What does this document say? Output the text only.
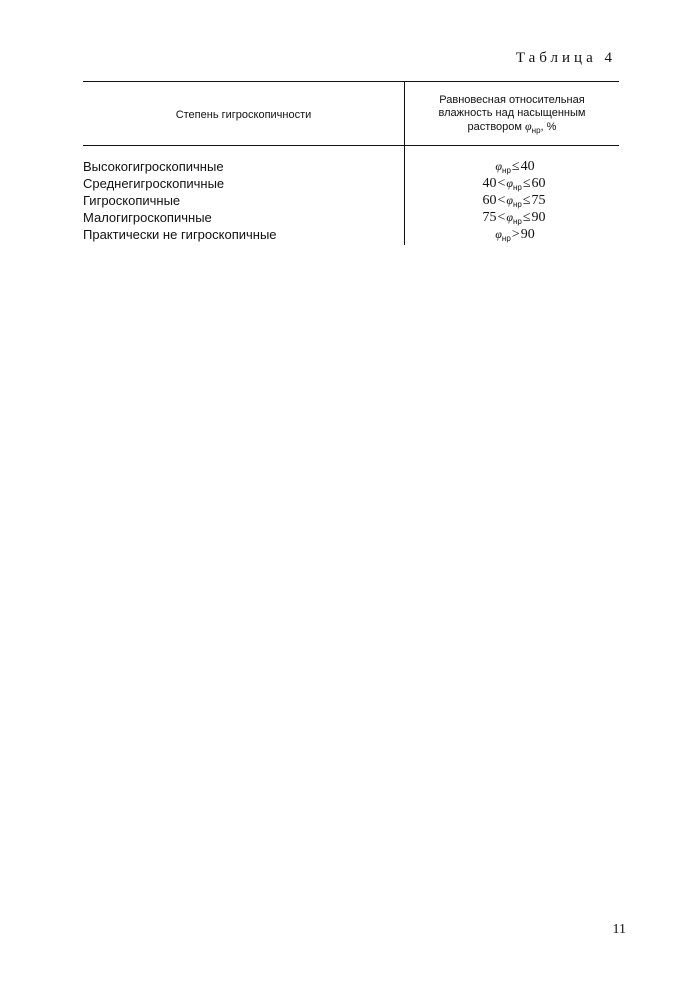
Таблица 4
Степень гигроскопичности
Равновесная относительная
влажность над насыщенным
раствором $\varphi_{нр}$, %
Высокогигроскопичные
Среднегигроскопичные
Гигроскопичные
Малогигроскопичные
Практически не гигроскопичные
$\varphi_{нр}\le 40$
$40<\varphi_{нр}\le 60$
$60<\varphi_{нр}\le 75$
$75<\varphi_{нр}\le 90$
$\varphi_{нр}>90$
11
